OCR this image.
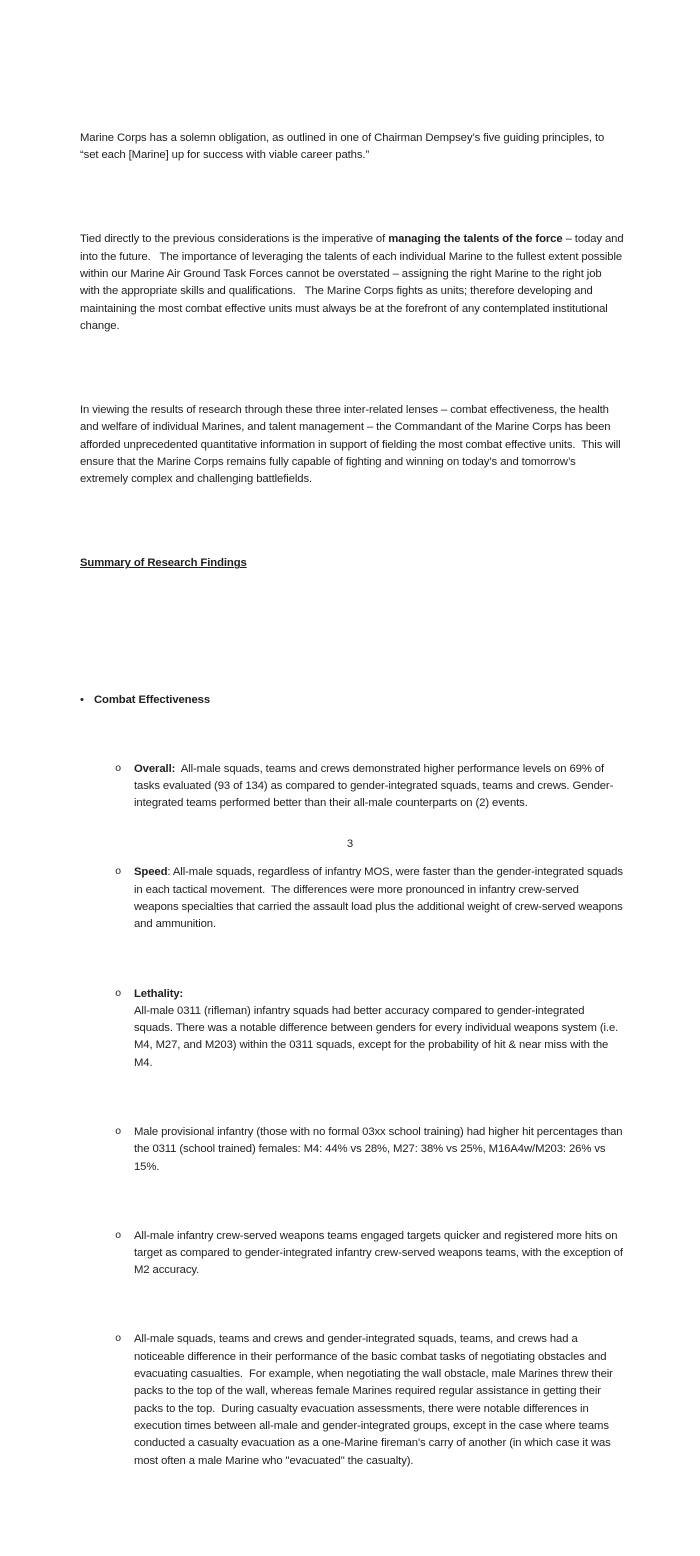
Marine Corps has a solemn obligation, as outlined in one of Chairman Dempsey’s five guiding principles, to “set each [Marine] up for success with viable career paths.”

Tied directly to the previous considerations is the imperative of managing the talents of the force – today and into the future.   The importance of leveraging the talents of each individual Marine to the fullest extent possible within our Marine Air Ground Task Forces cannot be overstated – assigning the right Marine to the right job with the appropriate skills and qualifications.   The Marine Corps fights as units; therefore developing and maintaining the most combat effective units must always be at the forefront of any contemplated institutional change.

In viewing the results of research through these three inter-related lenses – combat effectiveness, the health and welfare of individual Marines, and talent management – the Commandant of the Marine Corps has been afforded unprecedented quantitative information in support of fielding the most combat effective units.  This will ensure that the Marine Corps remains fully capable of fighting and winning on today’s and tomorrow’s extremely complex and challenging battlefields.

Summary of Research Findings

• Combat Effectiveness

o	Overall:  All-male squads, teams and crews demonstrated higher performance levels on 69% of tasks evaluated (93 of 134) as compared to gender-integrated squads, teams and crews. Gender-integrated teams performed better than their all-male counterparts on (2) events.

o	Speed: All-male squads, regardless of infantry MOS, were faster than the gender-integrated squads in each tactical movement.  The differences were more pronounced in infantry crew-served weapons specialties that carried the assault load plus the additional weight of crew-served weapons and ammunition.

o	Lethality:
All-male 0311 (rifleman) infantry squads had better accuracy compared to gender-integrated squads. There was a notable difference between genders for every individual weapons system (i.e. M4, M27, and M203) within the 0311 squads, except for the probability of hit & near miss with the M4.

o	Male provisional infantry (those with no formal 03xx school training) had higher hit percentages than the 0311 (school trained) females: M4: 44% vs 28%, M27: 38% vs 25%, M16A4w/M203: 26% vs 15%.

o	All-male infantry crew-served weapons teams engaged targets quicker and registered more hits on target as compared to gender-integrated infantry crew-served weapons teams, with the exception of M2 accuracy.

o	All-male squads, teams and crews and gender-integrated squads, teams, and crews had a noticeable difference in their performance of the basic combat tasks of negotiating obstacles and evacuating casualties.  For example, when negotiating the wall obstacle, male Marines threw their packs to the top of the wall, whereas female Marines required regular assistance in getting their packs to the top.  During casualty evacuation assessments, there were notable differences in execution times between all-male and gender-integrated groups, except in the case where teams conducted a casualty evacuation as a one-Marine fireman's carry of another (in which case it was most often a male Marine who "evacuated" the casualty).

3
